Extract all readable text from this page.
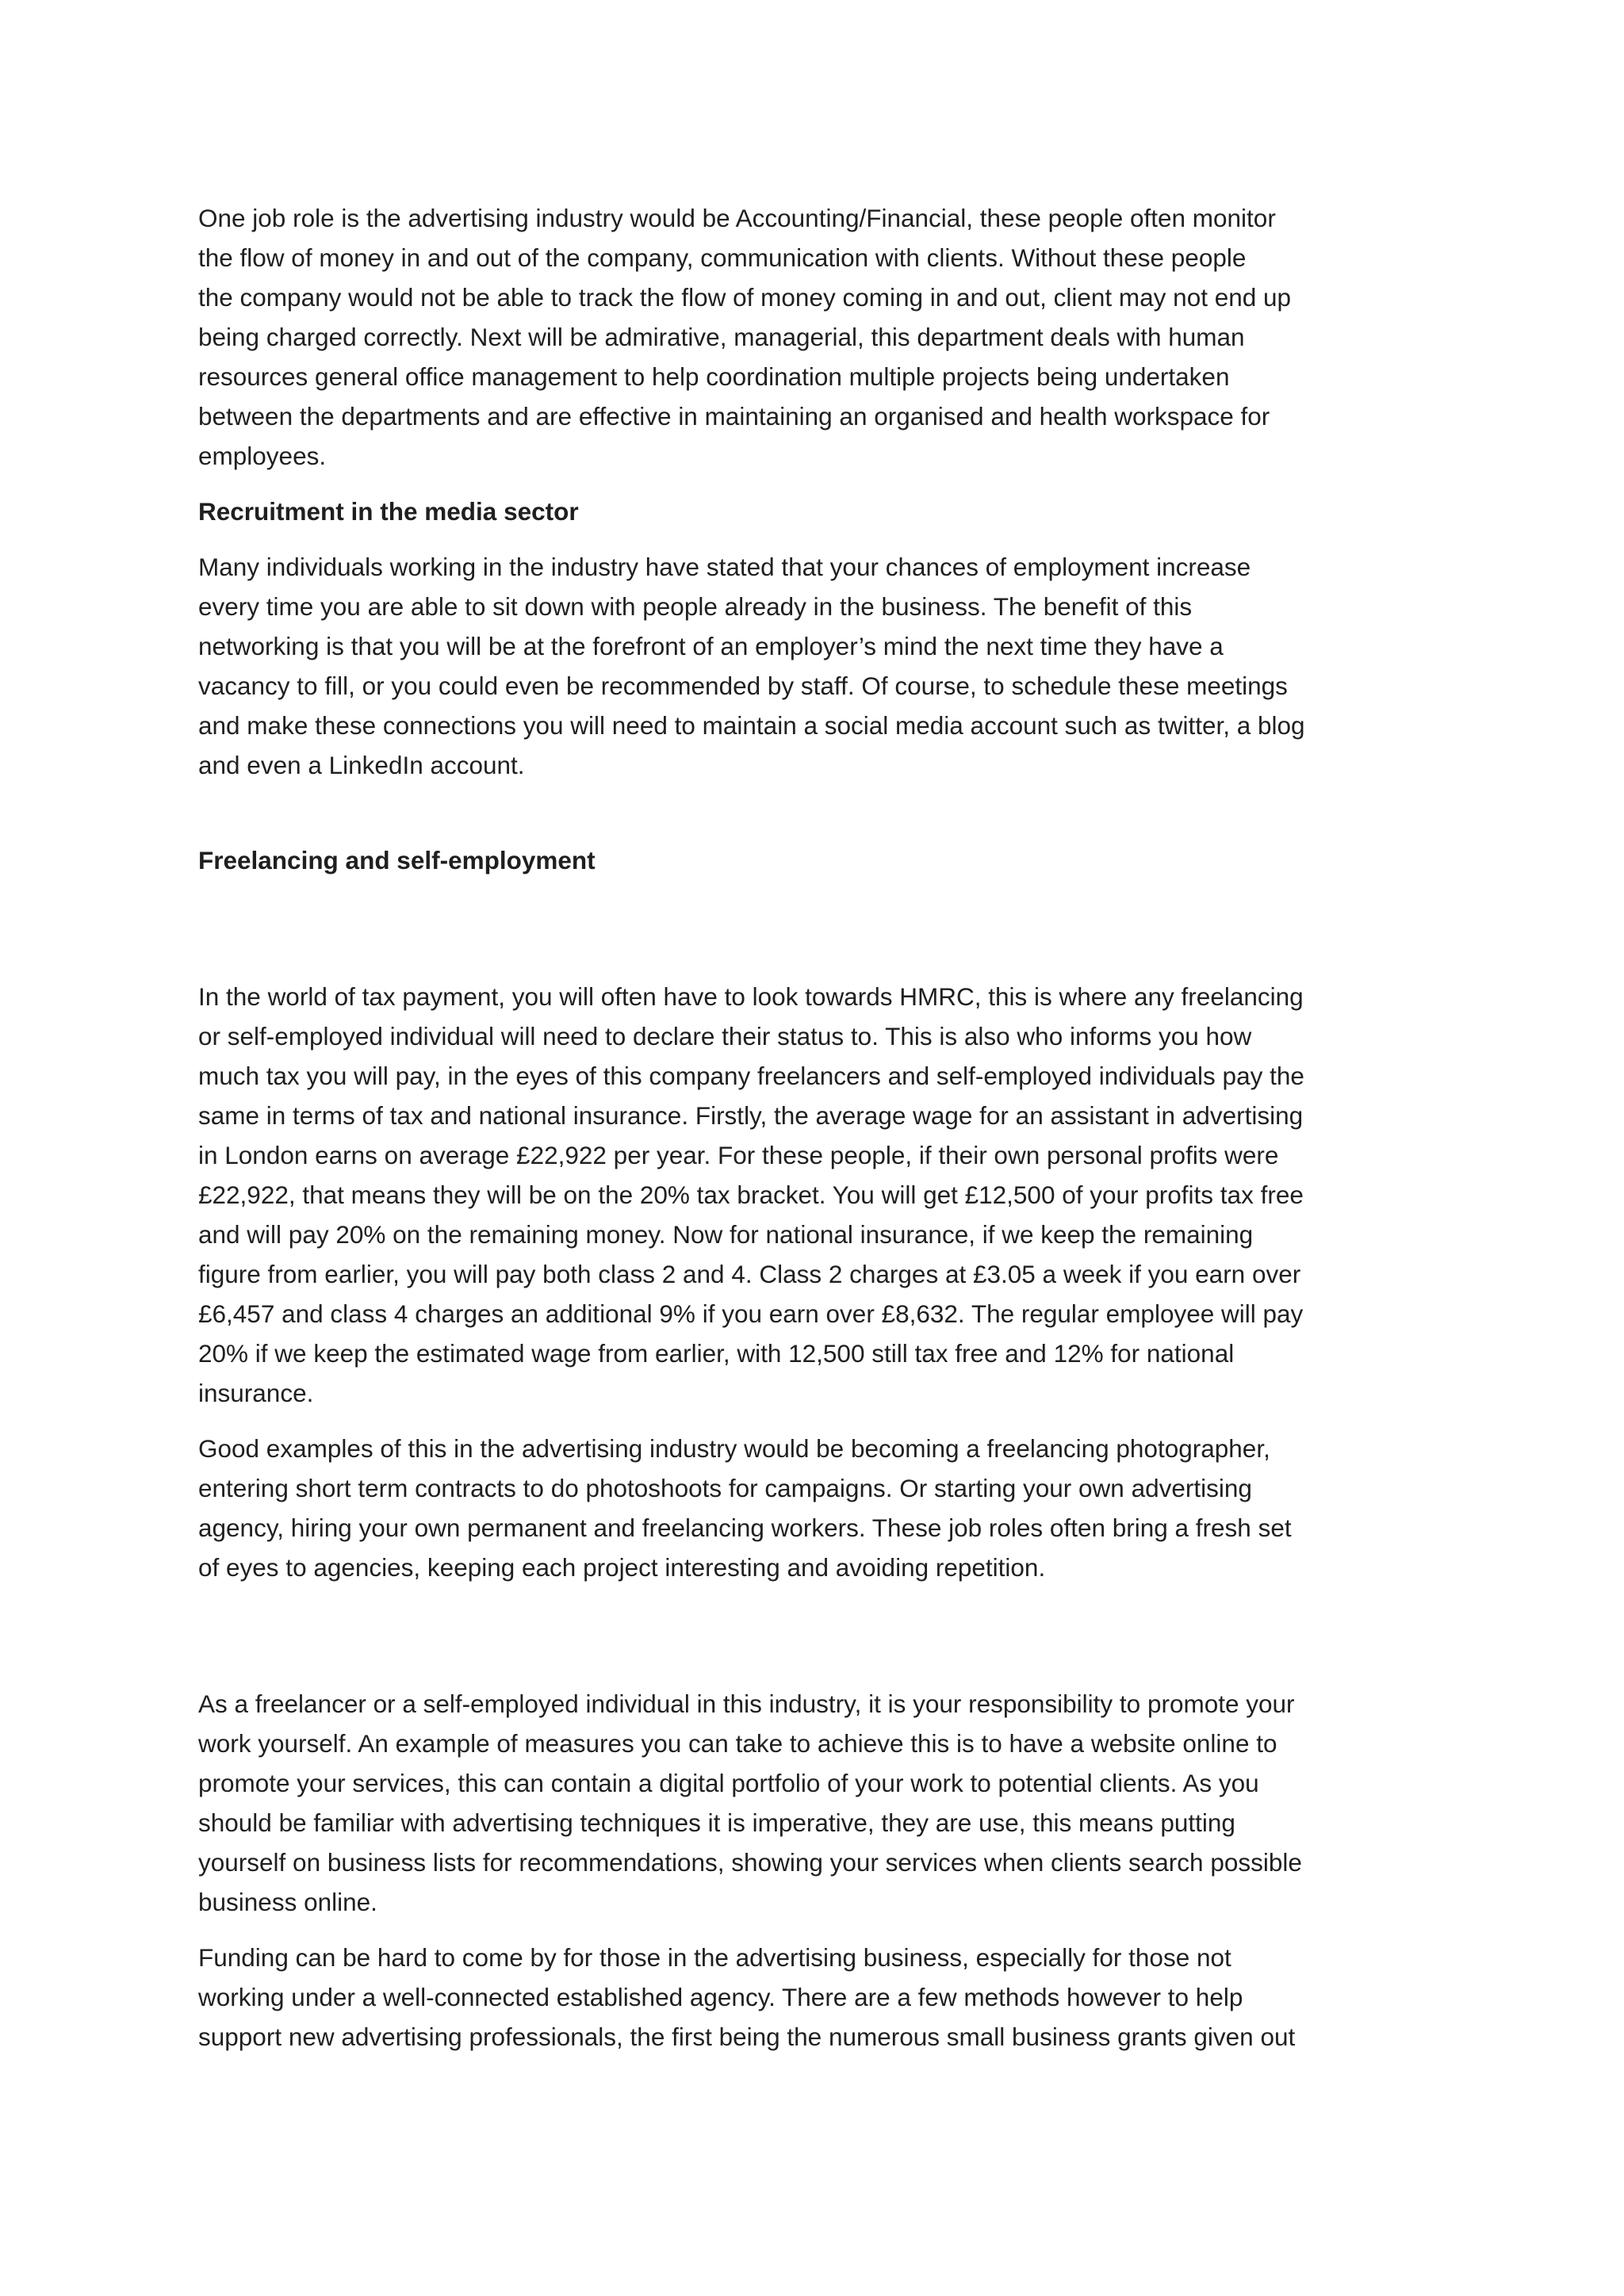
One job role is the advertising industry would be Accounting/Financial, these people often monitor
the flow of money in and out of the company, communication with clients. Without these people
the company would not be able to track the flow of money coming in and out, client may not end up
being charged correctly. Next will be admirative, managerial, this department deals with human
resources general office management to help coordination multiple projects being undertaken
between the departments and are effective in maintaining an organised and health workspace for
employees.

Recruitment in the media sector

Many individuals working in the industry have stated that your chances of employment increase
every time you are able to sit down with people already in the business. The benefit of this
networking is that you will be at the forefront of an employer’s mind the next time they have a
vacancy to fill, or you could even be recommended by staff. Of course, to schedule these meetings
and make these connections you will need to maintain a social media account such as twitter, a blog
and even a LinkedIn account.

Freelancing and self-employment

In the world of tax payment, you will often have to look towards HMRC, this is where any freelancing
or self-employed individual will need to declare their status to. This is also who informs you how
much tax you will pay, in the eyes of this company freelancers and self-employed individuals pay the
same in terms of tax and national insurance. Firstly, the average wage for an assistant in advertising
in London earns on average £22,922 per year. For these people, if their own personal profits were
£22,922, that means they will be on the 20% tax bracket. You will get £12,500 of your profits tax free
and will pay 20% on the remaining money. Now for national insurance, if we keep the remaining
figure from earlier, you will pay both class 2 and 4. Class 2 charges at £3.05 a week if you earn over
£6,457 and class 4 charges an additional 9% if you earn over £8,632. The regular employee will pay
20% if we keep the estimated wage from earlier, with 12,500 still tax free and 12% for national
insurance.

Good examples of this in the advertising industry would be becoming a freelancing photographer,
entering short term contracts to do photoshoots for campaigns. Or starting your own advertising
agency, hiring your own permanent and freelancing workers. These job roles often bring a fresh set
of eyes to agencies, keeping each project interesting and avoiding repetition.

As a freelancer or a self-employed individual in this industry, it is your responsibility to promote your
work yourself. An example of measures you can take to achieve this is to have a website online to
promote your services, this can contain a digital portfolio of your work to potential clients. As you
should be familiar with advertising techniques it is imperative, they are use, this means putting
yourself on business lists for recommendations, showing your services when clients search possible
business online.

Funding can be hard to come by for those in the advertising business, especially for those not
working under a well-connected established agency. There are a few methods however to help
support new advertising professionals, the first being the numerous small business grants given out
